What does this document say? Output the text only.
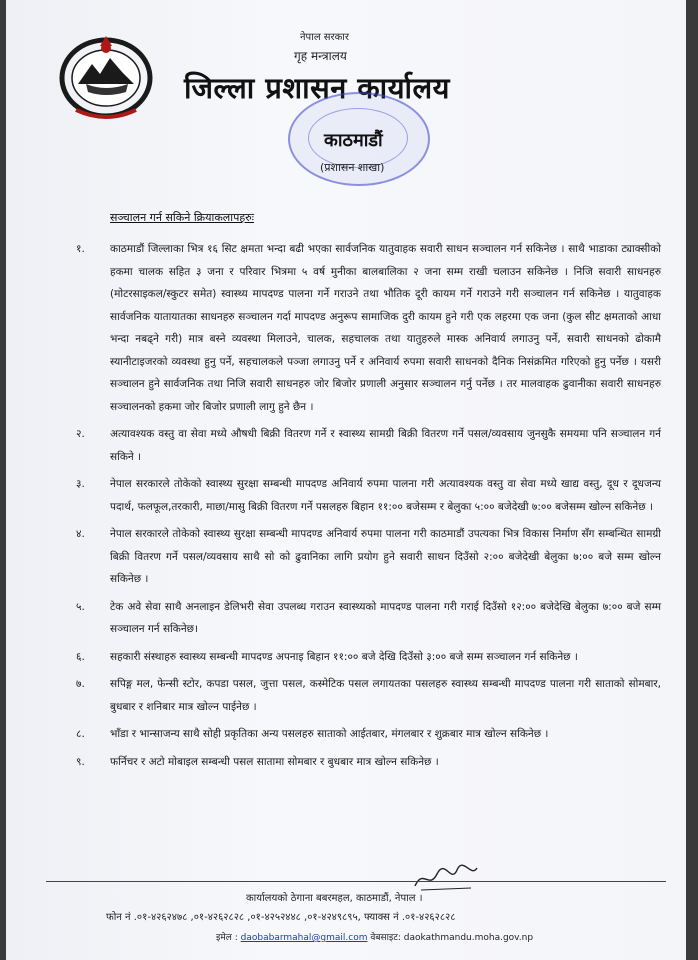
नेपाल सरकार
गृह मन्त्रालय
जिल्ला प्रशासन कार्यालय
काठमाडौं
(प्रशासन शाखा)
सञ्चालन गर्न सकिने क्रियाकलापहरुः
१.	काठमाडौं जिल्लाका भित्र १६ सिट क्षमता भन्दा बढी भएका सार्वजनिक यातुवाहक सवारी साधन सञ्चालन गर्न सकिनेछ । साथै भाडाका ट्याक्सीको हकमा चालक सहित ३ जना र परिवार भित्रमा ५ वर्ष मुनीका बालबालिका २ जना सम्म राखी चलाउन सकिनेछ । निजि सवारी साधनहरु (मोटरसाइकल/स्कुटर समेत) स्वास्थ्य मापदण्ड पालना गर्ने गराउने तथा भौतिक दूरी कायम गर्ने गराउने गरी सञ्चालन गर्न सकिनेछ । यातुवाहक सार्वजनिक यातायातका साधनहरु सञ्चालन गर्दा मापदण्ड अनुरूप सामाजिक दुरी कायम हुने गरी एक लहरमा एक जना (कुल सीट क्षमताको आधा भन्दा नबढ्ने गरी) मात्र बस्ने व्यवस्था मिलाउने, चालक, सहचालक तथा यातुहरुले मास्क अनिवार्य लगाउनु पर्ने, सवारी साधनको ढोकामै स्यानीटाइजरको व्यवस्था हुनु पर्ने, सहचालकले पञ्जा लगाउनु पर्ने र अनिवार्य रुपमा सवारी साधनको दैनिक निसंक्रमित गरिएको हुनु पर्नेछ । यसरी सञ्चालन हुने सार्वजनिक तथा निजि सवारी साधनहरु जोर बिजोर प्रणाली अनुसार सञ्चालन गर्नु पर्नेछ । तर मालवाहक ढुवानीका सवारी साधनहरु सञ्चालनको हकमा जोर बिजोर प्रणाली लागु हुने छैन ।
२.	अत्यावश्यक वस्तु वा सेवा मध्ये औषधी बिक्री वितरण गर्ने र स्वास्थ्य सामग्री बिक्री वितरण गर्ने पसल/व्यवसाय जुनसुकै समयमा पनि सञ्चालन गर्न सकिने ।
३.	नेपाल सरकारले तोकेको स्वास्थ्य सुरक्षा सम्बन्धी मापदण्ड अनिवार्य रुपमा पालना गरी अत्यावश्यक वस्तु वा सेवा मध्ये खाद्य वस्तु, दूध र दूधजन्य पदार्थ, फलफूल,तरकारी, माछा/मासु बिक्री वितरण गर्ने पसलहरु बिहान ११:०० बजेसम्म र बेलुका ५:०० बजेदेखी ७:०० बजेसम्म खोल्न सकिनेछ ।
४.	नेपाल सरकारले तोकेको स्वास्थ्य सुरक्षा सम्बन्धी मापदण्ड अनिवार्य रुपमा पालना गरी काठमाडौं उपत्यका भित्र विकास निर्माण सँग सम्बन्धित सामग्री बिक्री वितरण गर्ने पसल/व्यवसाय साथै सो को ढुवानिका लागि प्रयोग हुने सवारी साधन दिउँसो २:०० बजेदेखी बेलुका ७:०० बजे सम्म खोल्न सकिनेछ ।
५.	टेक अवे सेवा साथै अनलाइन डेलिभरी सेवा उपलब्ध गराउन स्वास्थ्यको मापदण्ड पालना गरी गराई दिउँसो १२:०० बजेदेखि बेलुका ७:०० बजे सम्म सञ्चालन गर्न सकिनेछ।
६.	सहकारी संस्थाहरु स्वास्थ्य सम्बन्धी मापदण्ड अपनाइ बिहान ११:०० बजे देखि दिउँसो ३:०० बजे सम्म सञ्चालन गर्न सकिनेछ ।
७.	सपिङ्ग मल, फेन्सी स्टोर, कपडा पसल, जुत्ता पसल, कस्मेटिक पसल लगायतका पसलहरु स्वास्थ्य सम्बन्धी मापदण्ड पालना गरी साताको सोमबार, बुधबार र शनिबार मात्र खोल्न पाईनेछ ।
८.	भाँडा र भान्साजन्य साथै सोही प्रकृतिका अन्य पसलहरु साताको आईतबार, मंगलबार र शुक्रबार मात्र खोल्न सकिनेछ ।
९.	फर्निचर र अटो मोबाइल सम्बन्धी पसल सातामा सोमबार र बुधबार मात्र खोल्न सकिनेछ ।
कार्यालयको ठेगाना बबरमहल, काठमाडौं, नेपाल ।
फोन नं .०१-४२६२४७८ ,०१-४२६२८२८ ,०१-४२५२४४८ ,०१-४२४९८९५, फ्याक्स नं .०१-४२६२८२८
इमेल : daobabarmahal@gmail.com वेबसाइट: daokathmandu.moha.gov.np
